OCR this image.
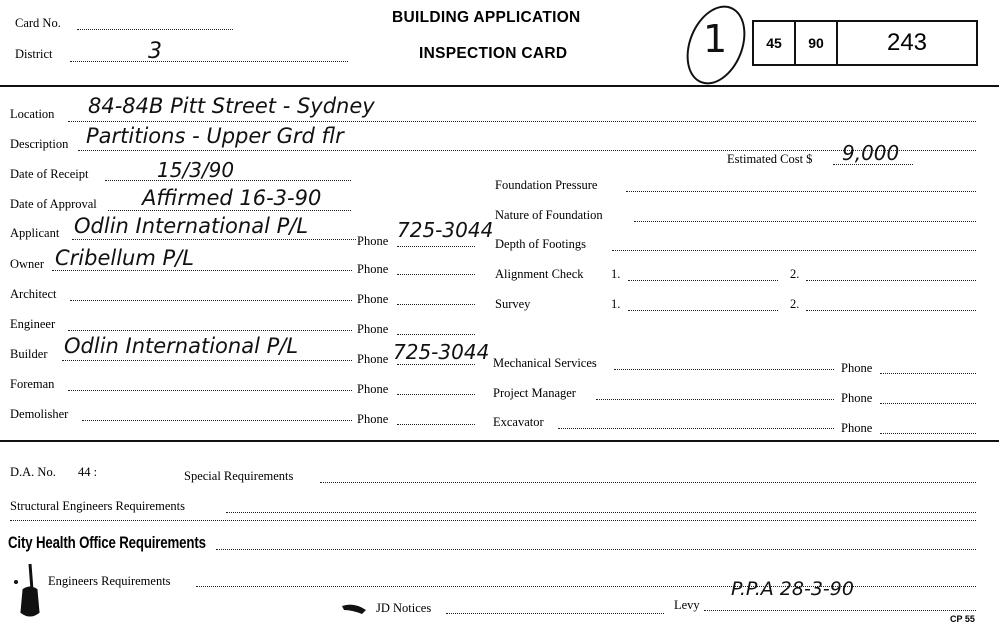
Card No.
District	3
BUILDING APPLICATION
INSPECTION CARD	1	45	90	243
Location 84-84B Pitt Street - Sydney
Description Partitions - Upper Grd flr
Estimated Cost $ 9,000
Date of Receipt	15/3/90
Date of Approval Affirmed 16-3-90
Applicant Odlin International P/L
Phone 725-3044
Owner Cribellum P/L	Phone
Architect	Phone
Engineer	Phone
Builder Odlin International P/L
Phone 725-3044
Foreman	Phone
Demolisher	Phone
Foundation Pressure
Nature of Foundation
Depth of Footings
Alignment Check 1.	2.
Survey	1.	2.
Mechanical Services	Phone
Project Manager	Phone
Excavator	Phone
D.A. No. 44 :	Special Requirements
Structural Engineers Requirements
City Health Office Requirements
Engineers Requirements
JD Notices	Levy
P.P.A 28-3-90
CP 55
